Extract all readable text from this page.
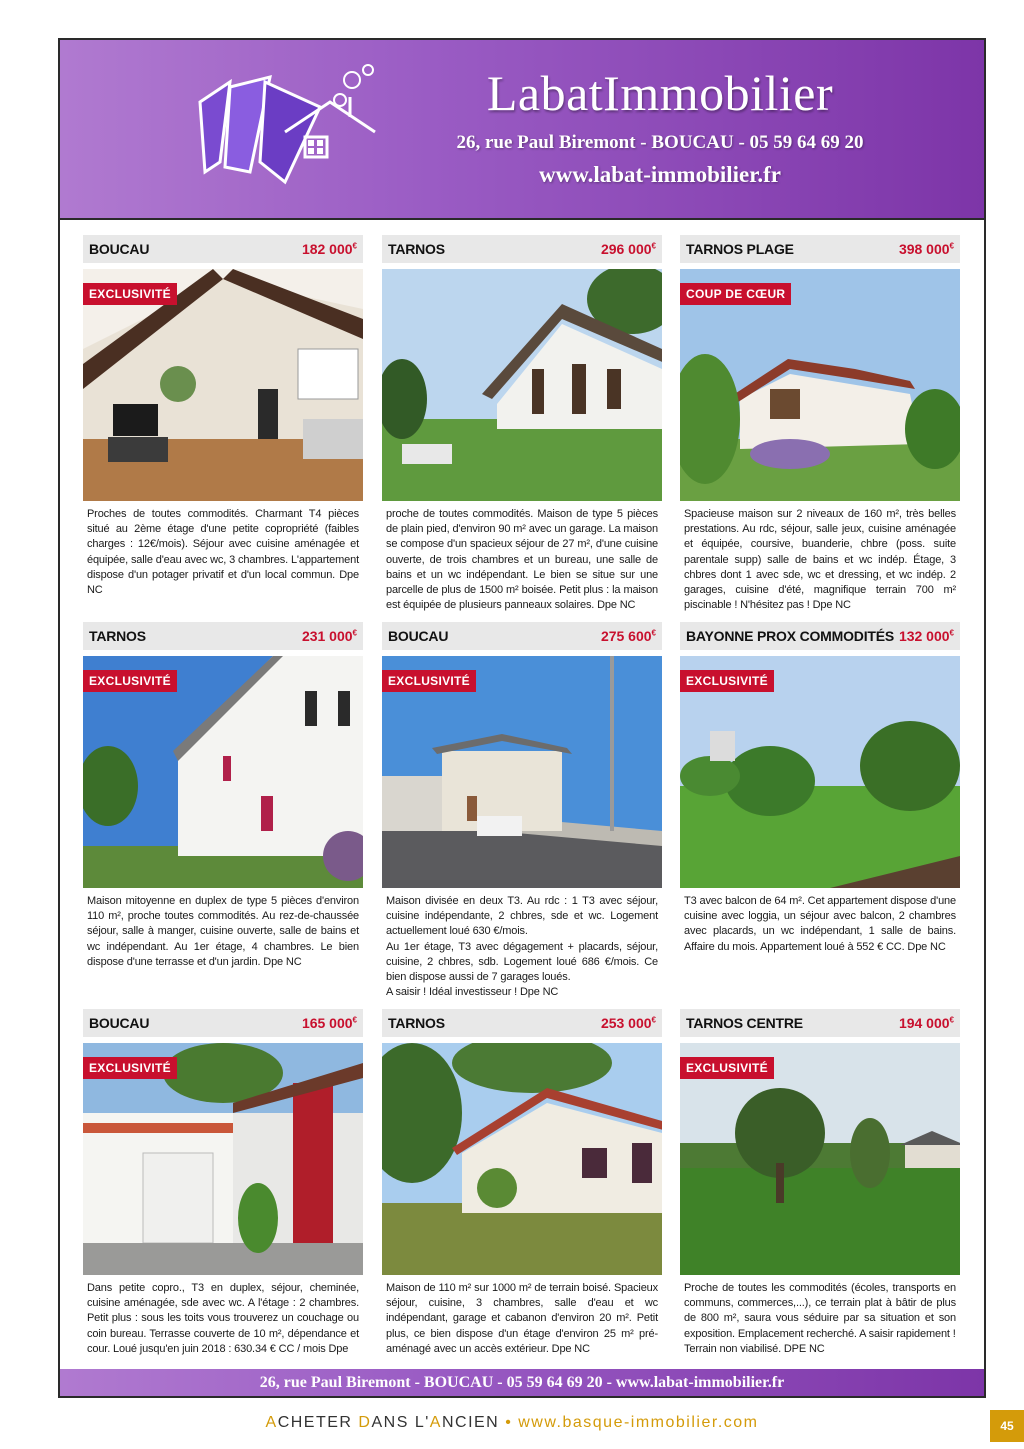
LabatImmobilier
26, rue Paul Biremont - BOUCAU - 05 59 64 69 20
www.labat-immobilier.fr
BOUCAU	182 000€
EXCLUSIVITÉ
Proches de toutes commodités. Charmant T4 pièces situé au 2ème étage d'une petite copropriété (faibles charges : 12€/mois). Séjour avec cuisine aménagée et équipée, salle d'eau avec wc, 3 chambres. L'appartement dispose d'un potager privatif et d'un local commun. Dpe NC
TARNOS	296 000€
proche de toutes commodités. Maison de type 5 pièces de plain pied, d'environ 90 m² avec un garage. La maison se compose d'un spacieux séjour de 27 m², d'une cuisine ouverte, de trois chambres et un bureau, une salle de bains et un wc indépendant. Le bien se situe sur une parcelle de plus de 1500 m² boisée. Petit plus : la maison est équipée de plusieurs panneaux solaires. Dpe NC
TARNOS PLAGE	398 000€
COUP DE CŒUR
Spacieuse maison sur 2 niveaux de 160 m², très belles prestations. Au rdc, séjour, salle jeux, cuisine aménagée et équipée, coursive, buanderie, chbre (poss. suite parentale supp) salle de bains et wc indép. Étage, 3 chbres dont 1 avec sde, wc et dressing, et wc indép. 2 garages, cuisine d'été, magnifique terrain 700 m² piscinable ! N'hésitez pas ! Dpe NC
TARNOS	231 000€
EXCLUSIVITÉ
Maison mitoyenne en duplex de type 5 pièces d'environ 110 m², proche toutes commodités. Au rez-de-chaussée séjour, salle à manger, cuisine ouverte, salle de bains et wc indépendant. Au 1er étage, 4 chambres. Le bien dispose d'une terrasse et d'un jardin. Dpe NC
BOUCAU	275 600€
EXCLUSIVITÉ
Maison divisée en deux T3. Au rdc : 1 T3 avec séjour, cuisine indépendante, 2 chbres, sde et wc. Logement actuellement loué 630 €/mois.
Au 1er étage, T3 avec dégagement + placards, séjour, cuisine, 2 chbres, sdb. Logement loué 686 €/mois. Ce bien dispose aussi de 7 garages loués.
A saisir ! Idéal investisseur ! Dpe NC
BAYONNE PROX COMMODITÉS 132 000€
EXCLUSIVITÉ
T3 avec balcon de 64 m². Cet appartement dispose d'une cuisine avec loggia, un séjour avec balcon, 2 chambres avec placards, un wc indépendant, 1 salle de bains. Affaire du mois. Appartement loué à 552 € CC. Dpe NC
BOUCAU	165 000€
EXCLUSIVITÉ
Dans petite copro., T3 en duplex, séjour, cheminée, cuisine aménagée, sde avec wc. A l'étage : 2 chambres. Petit plus : sous les toits vous trouverez un couchage ou coin bureau. Terrasse couverte de 10 m², dépendance et cour. Loué jusqu'en juin 2018 : 630.34 € CC / mois Dpe
TARNOS	253 000€
Maison de 110 m² sur 1000 m² de terrain boisé. Spacieux séjour, cuisine, 3 chambres, salle d'eau et wc indépendant, garage et cabanon d'environ 20 m². Petit plus, ce bien dispose d'un étage d'environ 25 m² pré-aménagé avec un accès extérieur. Dpe NC
TARNOS CENTRE	194 000€
EXCLUSIVITÉ
Proche de toutes les commodités (écoles, transports en communs, commerces,...), ce terrain plat à bâtir de plus de 800 m², saura vous séduire par sa situation et son exposition. Emplacement recherché. A saisir rapidement !
Terrain non viabilisé. DPE NC
26, rue Paul Biremont - BOUCAU - 05 59 64 69 20 - www.labat-immobilier.fr
ACHETER DANS L'ANCIEN • www.basque-immobilier.com	45
